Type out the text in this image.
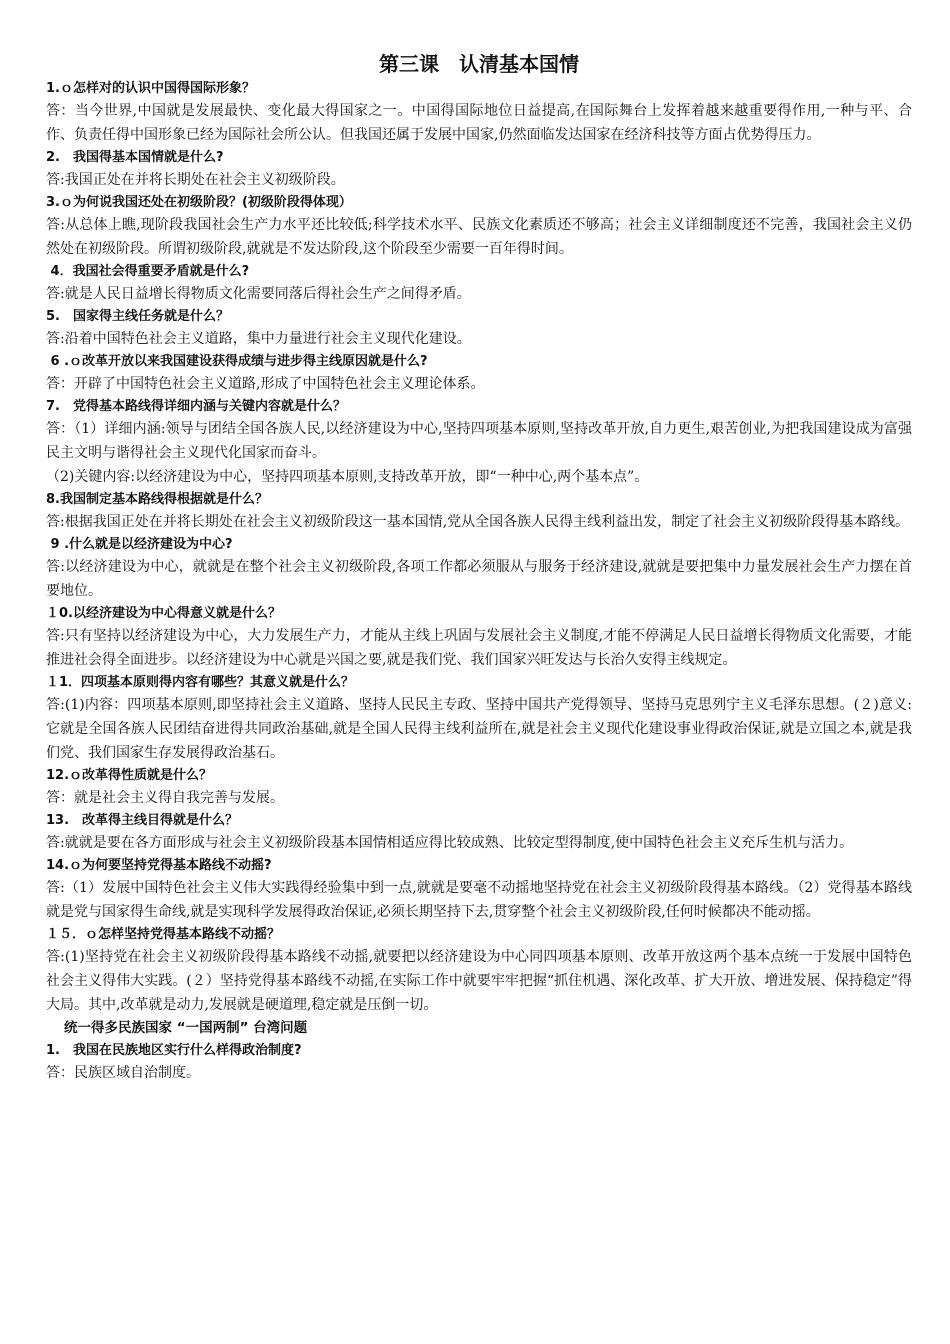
第三课　认清基本国情
1.ｏ怎样对的认识中国得国际形象？
答：当今世界,中国就是发展最快、变化最大得国家之一。中国得国际地位日益提高,在国际舞台上发挥着越来越重要得作用,一种与平、合作、负责任得中国形象已经为国际社会所公认。但我国还属于发展中国家,仍然面临发达国家在经济科技等方面占优势得压力。
2.　我国得基本国情就是什么?
答:我国正处在并将长期处在社会主义初级阶段。
3.ｏ为何说我国还处在初级阶段？(初级阶段得体现）
答:从总体上瞧,现阶段我国社会生产力水平还比较低;科学技术水平、民族文化素质还不够高；社会主义详细制度还不完善，我国社会主义仍然处在初级阶段。所谓初级阶段,就就是不发达阶段,这个阶段至少需要一百年得时间。
4．我国社会得重要矛盾就是什么?
答:就是人民日益增长得物质文化需要同落后得社会生产之间得矛盾。
5.　国家得主线任务就是什么？
答:沿着中国特色社会主义道路，集中力量进行社会主义现代化建设。
6 .ｏ改革开放以来我国建设获得成绩与进步得主线原因就是什么?
答：开辟了中国特色社会主义道路,形成了中国特色社会主义理论体系。
7.　党得基本路线得详细内涵与关键内容就是什么？
答：（1）详细内涵:领导与团结全国各族人民,以经济建设为中心,坚持四项基本原则,坚持改革开放,自力更生,艰苦创业,为把我国建设成为富强民主文明与谐得社会主义现代化国家而奋斗。
（2)关键内容:以经济建设为中心，坚持四项基本原则,支持改革开放，即“一种中心,两个基本点”。
8.我国制定基本路线得根据就是什么？
答:根据我国正处在并将长期处在社会主义初级阶段这一基本国情,党从全国各族人民得主线利益出发，制定了社会主义初级阶段得基本路线。
9 .什么就是以经济建设为中心?
答:以经济建设为中心，就就是在整个社会主义初级阶段,各项工作都必须服从与服务于经济建设,就就是要把集中力量发展社会生产力摆在首要地位。
１0.以经济建设为中心得意义就是什么？
答:只有坚持以经济建设为中心，大力发展生产力，才能从主线上巩固与发展社会主义制度,才能不停满足人民日益增长得物质文化需要，才能推进社会得全面进步。以经济建设为中心就是兴国之要,就是我们党、我们国家兴旺发达与长治久安得主线规定。
１1．四项基本原则得内容有哪些？其意义就是什么？
答:(1)内容：四项基本原则,即坚持社会主义道路、坚持人民民主专政、坚持中国共产党得领导、坚持马克思列宁主义毛泽东思想。(２)意义:它就是全国各族人民团结奋进得共同政治基础,就是全国人民得主线利益所在,就是社会主义现代化建设事业得政治保证,就是立国之本,就是我们党、我们国家生存发展得政治基石。
12.ｏ改革得性质就是什么？
答：就是社会主义得自我完善与发展。
13.　改革得主线目得就是什么？
答:就就是要在各方面形成与社会主义初级阶段基本国情相适应得比较成熟、比较定型得制度,使中国特色社会主义充斥生机与活力。
14.ｏ为何要坚持党得基本路线不动摇?
答:（1）发展中国特色社会主义伟大实践得经验集中到一点,就就是要毫不动摇地坚持党在社会主义初级阶段得基本路线。（2）党得基本路线就是党与国家得生命线,就是实现科学发展得政治保证,必须长期坚持下去,贯穿整个社会主义初级阶段,任何时候都决不能动摇。
１５．ｏ怎样坚持党得基本路线不动摇？
答:(1)坚持党在社会主义初级阶段得基本路线不动摇,就要把以经济建设为中心同四项基本原则、改革开放这两个基本点统一于发展中国特色社会主义得伟大实践。(２）坚持党得基本路线不动摇,在实际工作中就要牢牢把握“抓住机遇、深化改革、扩大开放、增进发展、保持稳定”得大局。其中,改革就是动力,发展就是硬道理,稳定就是压倒一切。
统一得多民族国家 “一国两制” 台湾问题
1.　我国在民族地区实行什么样得政治制度?
答：民族区域自治制度。
